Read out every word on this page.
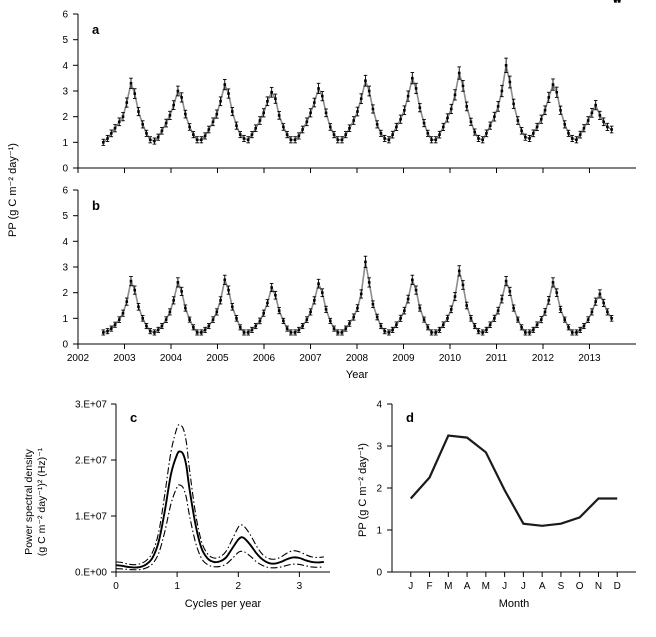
PP (g C m⁻² day⁻¹)	0
1
2
3
4
5
6
a
0
1
2
3
4
5
6
2002 2003 2004 2005 2006 2007 2008 2009 2010 2011 2012 2013
b
Year
Power spectral density (g C m⁻² day⁻¹)² (Hz)⁻¹
0.E+00
1.E+07
2.E+07
3.E+07
0	1	2	3
c
Cycles per year
PP (g C m⁻² day⁻¹)
0
1
2
3
4
J F M A M J J A S O N D
d
Month
